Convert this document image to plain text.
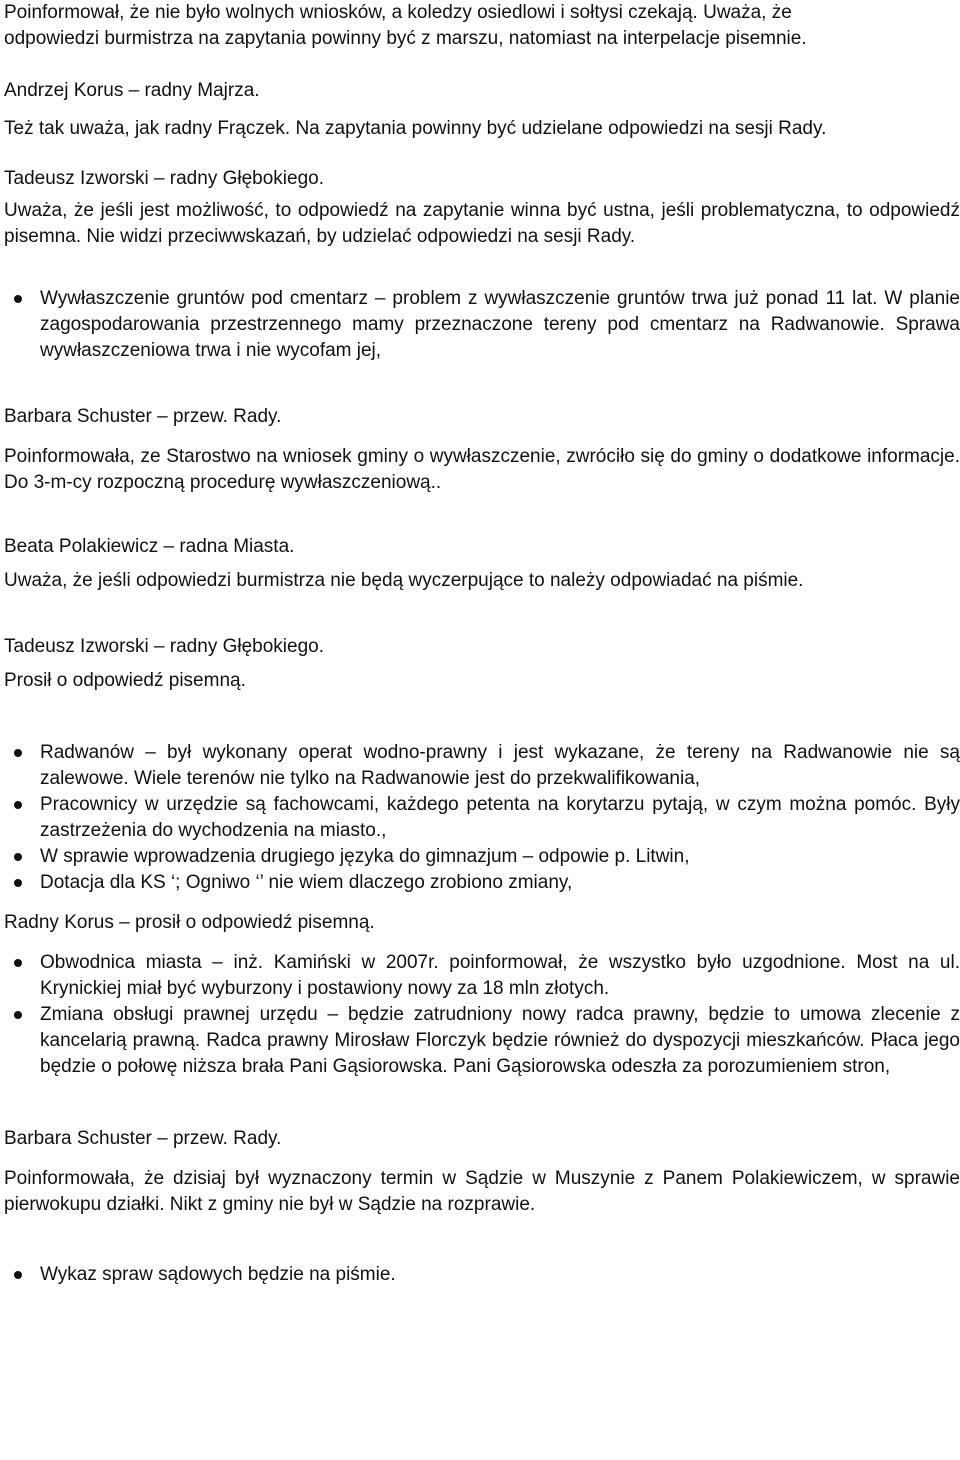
Poinformował, że nie było wolnych wniosków, a koledzy osiedlowi i sołtysi czekają. Uważa, że

odpowiedzi burmistrza na zapytania powinny być z marszu, natomiast na interpelacje pisemnie.

Andrzej Korus – radny Majrza.

Też tak uważa, jak radny Frączek. Na zapytania powinny być udzielane odpowiedzi na sesji Rady.

Tadeusz Izworski – radny Głębokiego.

Uważa, że jeśli jest możliwość, to odpowiedź na zapytanie winna być ustna, jeśli problematyczna, to odpowiedź pisemna. Nie widzi przeciwwskazań, by udzielać odpowiedzi na sesji Rady.

Wywłaszczenie gruntów pod cmentarz – problem z wywłaszczenie gruntów trwa już ponad 11 lat. W planie zagospodarowania przestrzennego mamy przeznaczone tereny pod cmentarz na Radwanowie. Sprawa wywłaszczeniowa trwa i nie wycofam jej,

Barbara Schuster – przew. Rady.

Poinformowała, ze Starostwo na wniosek gminy o wywłaszczenie, zwróciło się do gminy o dodatkowe informacje. Do 3-m-cy rozpoczną procedurę wywłaszczeniową..

Beata Polakiewicz – radna Miasta.

Uważa, że jeśli odpowiedzi burmistrza nie będą wyczerpujące to należy odpowiadać na piśmie.

Tadeusz Izworski – radny Głębokiego.

Prosił o odpowiedź pisemną.

Radwanów – był wykonany operat wodno-prawny i jest wykazane, że tereny na Radwanowie nie są zalewowe. Wiele terenów nie tylko na Radwanowie jest do przekwalifikowania,
Pracownicy w urzędzie są fachowcami, każdego petenta na korytarzu pytają, w czym można pomóc. Były zastrzeżenia do wychodzenia na miasto.,
W sprawie wprowadzenia drugiego języka do gimnazjum – odpowie p. Litwin,
Dotacja dla KS ‘; Ogniwo ‘’ nie wiem dlaczego zrobiono zmiany,

Radny Korus – prosił o odpowiedź pisemną.

Obwodnica miasta – inż. Kamiński w 2007r. poinformował, że wszystko było uzgodnione. Most na ul. Krynickiej miał być wyburzony i postawiony nowy za 18 mln złotych.
Zmiana obsługi prawnej urzędu – będzie zatrudniony nowy radca prawny, będzie to umowa zlecenie z kancelarią prawną. Radca prawny Mirosław Florczyk będzie również do dyspozycji mieszkańców. Płaca jego będzie o połowę niższa brała Pani Gąsiorowska. Pani Gąsiorowska odeszła za porozumieniem stron,

Barbara Schuster – przew. Rady.

Poinformowała, że dzisiaj był wyznaczony termin w Sądzie w Muszynie z Panem Polakiewiczem, w sprawie pierwokupu działki. Nikt z gminy nie był w Sądzie na rozprawie.

Wykaz spraw sądowych będzie na piśmie.
